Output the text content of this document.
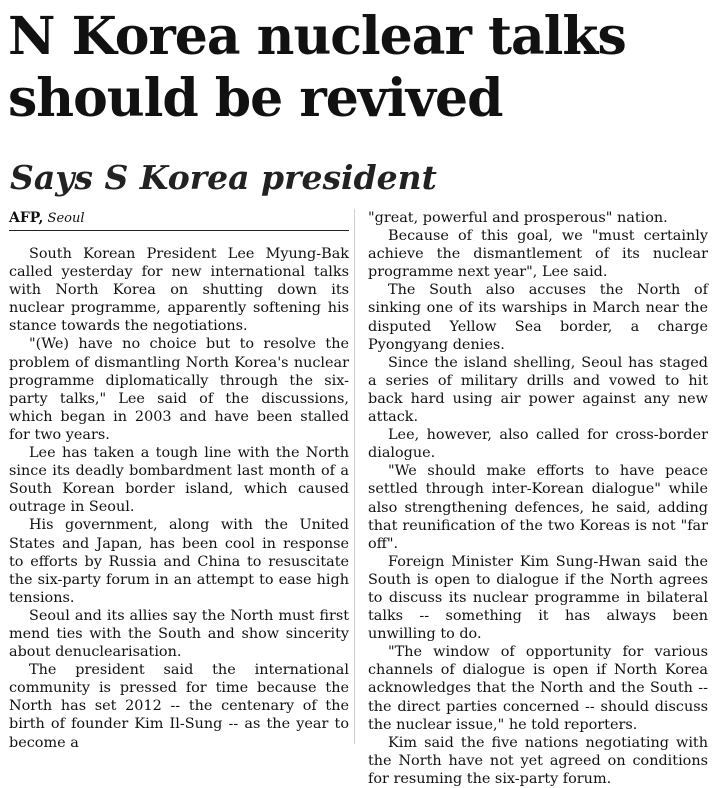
N Korea nuclear talks should be revived
Says S Korea president
AFP, Seoul

South Korean President Lee Myung-Bak called yesterday for new international talks with North Korea on shutting down its nuclear programme, apparently softening his stance towards the negotiations.

"(We) have no choice but to resolve the problem of dismantling North Korea's nuclear programme diplomatically through the six-party talks," Lee said of the discussions, which began in 2003 and have been stalled for two years.

Lee has taken a tough line with the North since its deadly bombardment last month of a South Korean border island, which caused outrage in Seoul.

His government, along with the United States and Japan, has been cool in response to efforts by Russia and China to resuscitate the six-party forum in an attempt to ease high tensions.

Seoul and its allies say the North must first mend ties with the South and show sincerity about denuclearisation.

The president said the international community is pressed for time because the North has set 2012 -- the centenary of the birth of founder Kim Il-Sung -- as the year to become a

"great, powerful and prosperous" nation.

Because of this goal, we "must certainly achieve the dismantlement of its nuclear programme next year", Lee said.

The South also accuses the North of sinking one of its warships in March near the disputed Yellow Sea border, a charge Pyongyang denies.

Since the island shelling, Seoul has staged a series of military drills and vowed to hit back hard using air power against any new attack.

Lee, however, also called for cross-border dialogue.

"We should make efforts to have peace settled through inter-Korean dialogue" while also strengthening defences, he said, adding that reunification of the two Koreas is not "far off".

Foreign Minister Kim Sung-Hwan said the South is open to dialogue if the North agrees to discuss its nuclear programme in bilateral talks -- something it has always been unwilling to do.

"The window of opportunity for various channels of dialogue is open if North Korea acknowledges that the North and the South -- the direct parties concerned -- should discuss the nuclear issue," he told reporters.

Kim said the five nations negotiating with the North have not yet agreed on conditions for resuming the six-party forum.
